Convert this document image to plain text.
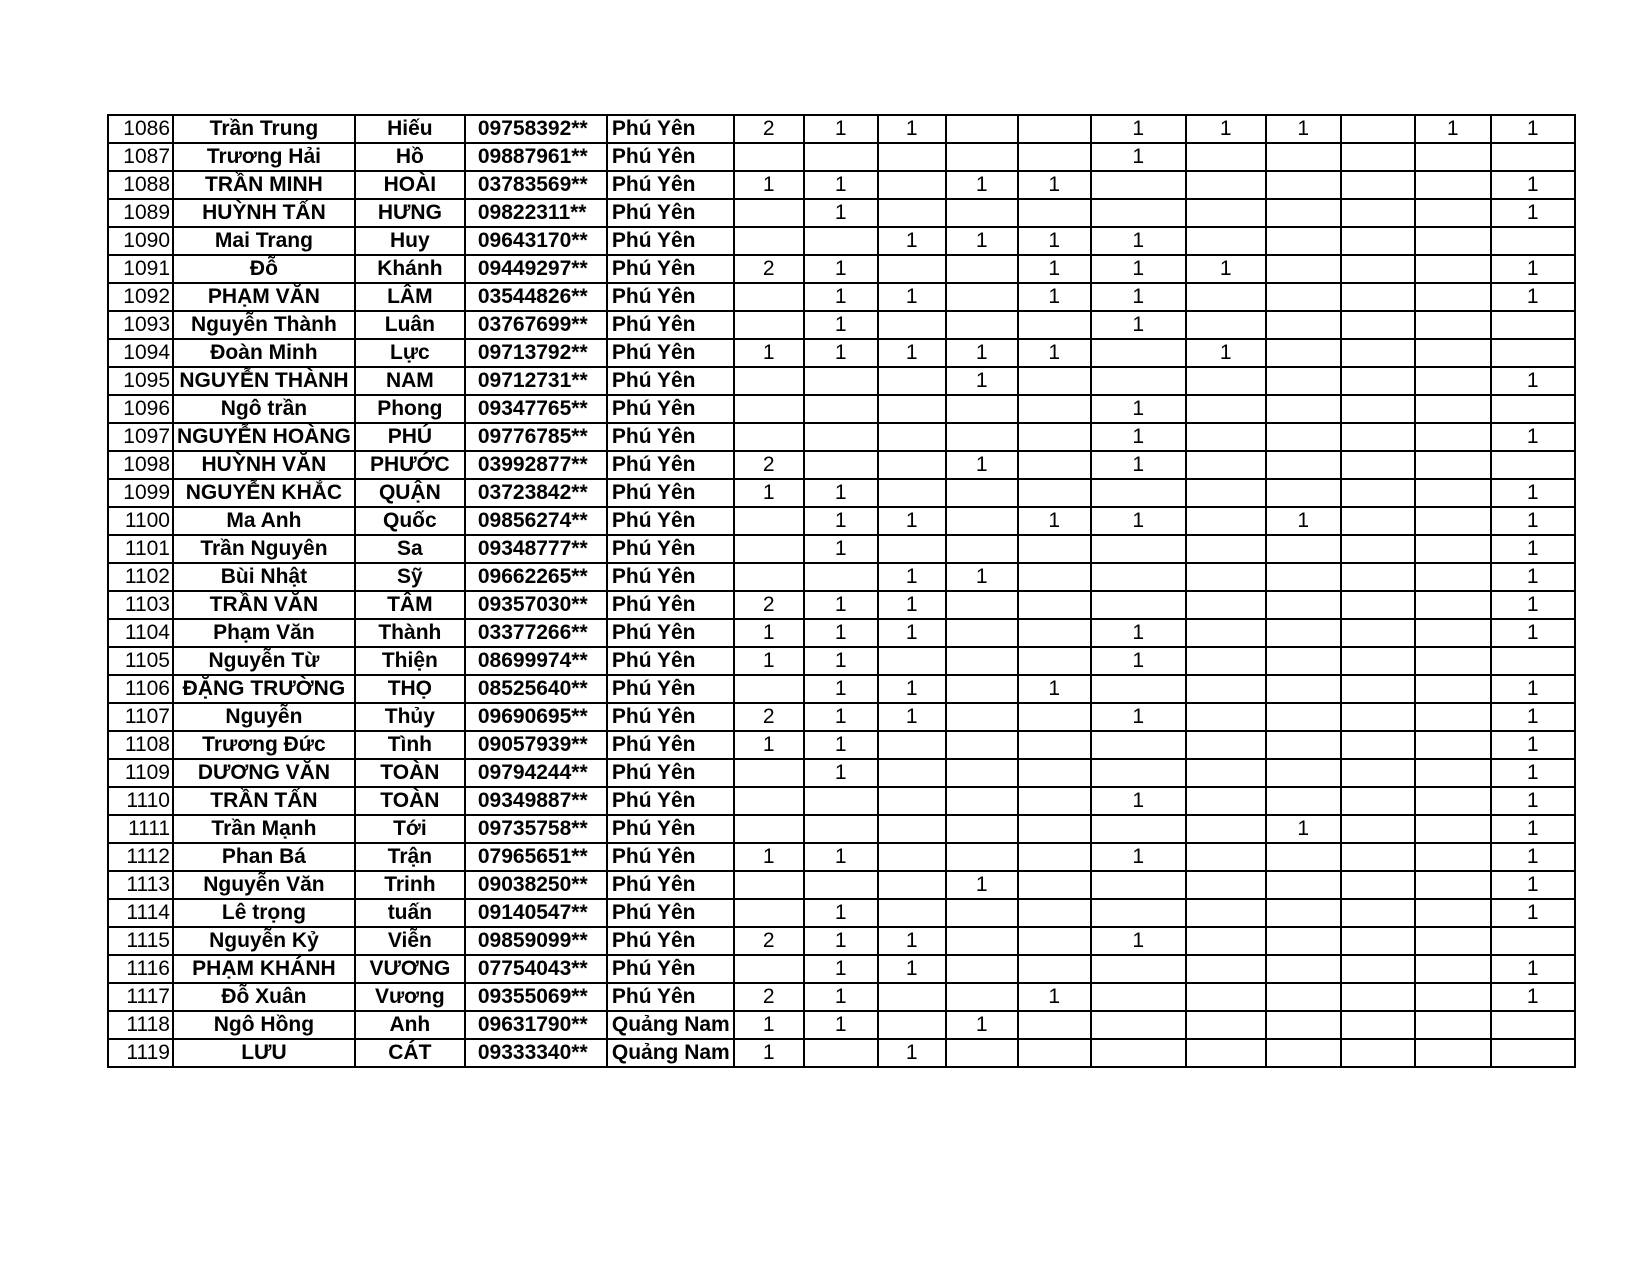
1086	Trần Trung	Hiếu	09758392**	Phú Yên	2	1	1			1	1	1		1	1
1087	Trương Hải	Hồ	09887961**	Phú Yên						1					
1088	TRẦN MINH	HOÀI	03783569**	Phú Yên	1	1		1	1						1
1089	HUỲNH TẤN	HƯNG	09822311**	Phú Yên		1									1
1090	Mai Trang	Huy	09643170**	Phú Yên			1	1	1	1					
1091	Đỗ	Khánh	09449297**	Phú Yên	2	1			1	1	1				1
1092	PHẠM VĂN	LÂM	03544826**	Phú Yên		1	1		1	1					1
1093	Nguyễn Thành	Luân	03767699**	Phú Yên		1				1					
1094	Đoàn Minh	Lực	09713792**	Phú Yên	1	1	1	1	1		1				
1095	NGUYỄN THÀNH	NAM	09712731**	Phú Yên				1							1
1096	Ngô trần	Phong	09347765**	Phú Yên						1					
1097	NGUYỄN HOÀNG	PHÚ	09776785**	Phú Yên						1					1
1098	HUỲNH VĂN	PHƯỚC	03992877**	Phú Yên	2			1		1					
1099	NGUYỄN KHẮC	QUẬN	03723842**	Phú Yên	1	1									1
1100	Ma Anh	Quốc	09856274**	Phú Yên		1	1		1	1		1			1
1101	Trần Nguyên	Sa	09348777**	Phú Yên		1									1
1102	Bùi Nhật	Sỹ	09662265**	Phú Yên			1	1							1
1103	TRẦN VĂN	TÂM	09357030**	Phú Yên	2	1	1								1
1104	Phạm Văn	Thành	03377266**	Phú Yên	1	1	1			1					1
1105	Nguyễn Từ	Thiện	08699974**	Phú Yên	1	1				1					
1106	ĐẶNG TRƯỜNG	THỌ	08525640**	Phú Yên		1	1		1						1
1107	Nguyễn	Thủy	09690695**	Phú Yên	2	1	1			1					1
1108	Trương Đức	Tình	09057939**	Phú Yên	1	1									1
1109	DƯƠNG VĂN	TOÀN	09794244**	Phú Yên		1									1
1110	TRẦN TẤN	TOÀN	09349887**	Phú Yên						1					1
1111	Trần Mạnh	Tới	09735758**	Phú Yên								1			1
1112	Phan Bá	Trận	07965651**	Phú Yên	1	1				1					1
1113	Nguyễn Văn	Trinh	09038250**	Phú Yên				1							1
1114	Lê trọng	tuấn	09140547**	Phú Yên		1									1
1115	Nguyễn Kỷ	Viễn	09859099**	Phú Yên	2	1	1			1					
1116	PHẠM KHÁNH	VƯƠNG	07754043**	Phú Yên		1	1								1
1117	Đỗ Xuân	Vương	09355069**	Phú Yên	2	1			1						1
1118	Ngô Hồng	Anh	09631790**	Quảng Nam	1	1		1							
1119	LƯU	CÁT	09333340**	Quảng Nam	1		1								
